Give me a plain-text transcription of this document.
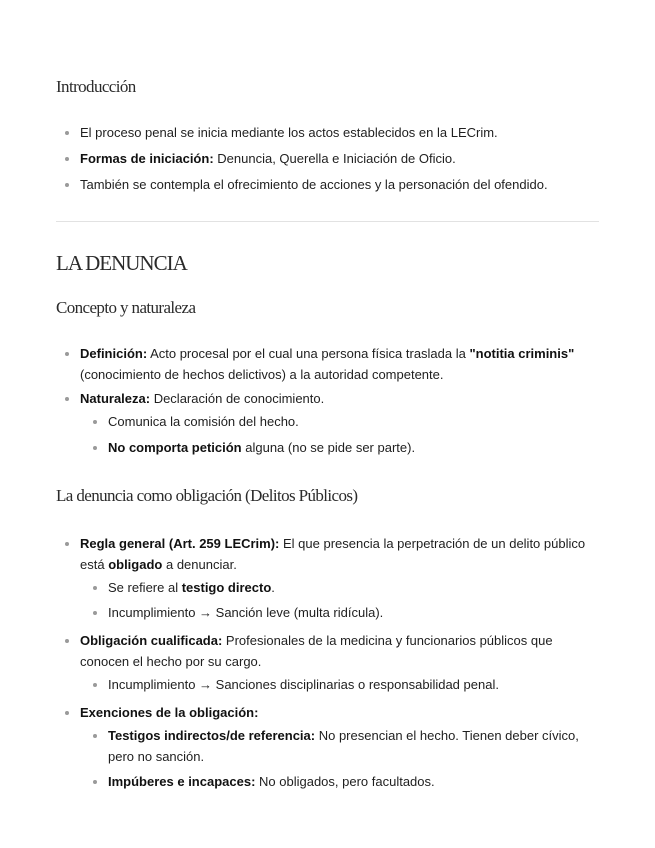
Introducción
El proceso penal se inicia mediante los actos establecidos en la LECrim.
Formas de iniciación: Denuncia, Querella e Iniciación de Oficio.
También se contempla el ofrecimiento de acciones y la personación del ofendido.
LA DENUNCIA
Concepto y naturaleza
Definición: Acto procesal por el cual una persona física traslada la "notitia criminis" (conocimiento de hechos delictivos) a la autoridad competente.
Naturaleza: Declaración de conocimiento.
Comunica la comisión del hecho.
No comporta petición alguna (no se pide ser parte).
La denuncia como obligación (Delitos Públicos)
Regla general (Art. 259 LECrim): El que presencia la perpetración de un delito público está obligado a denunciar.
Se refiere al testigo directo.
Incumplimiento → Sanción leve (multa ridícula).
Obligación cualificada: Profesionales de la medicina y funcionarios públicos que conocen el hecho por su cargo.
Incumplimiento → Sanciones disciplinarias o responsabilidad penal.
Exenciones de la obligación:
Testigos indirectos/de referencia: No presencian el hecho. Tienen deber cívico, pero no sanción.
Impúberes e incapaces: No obligados, pero facultados.
